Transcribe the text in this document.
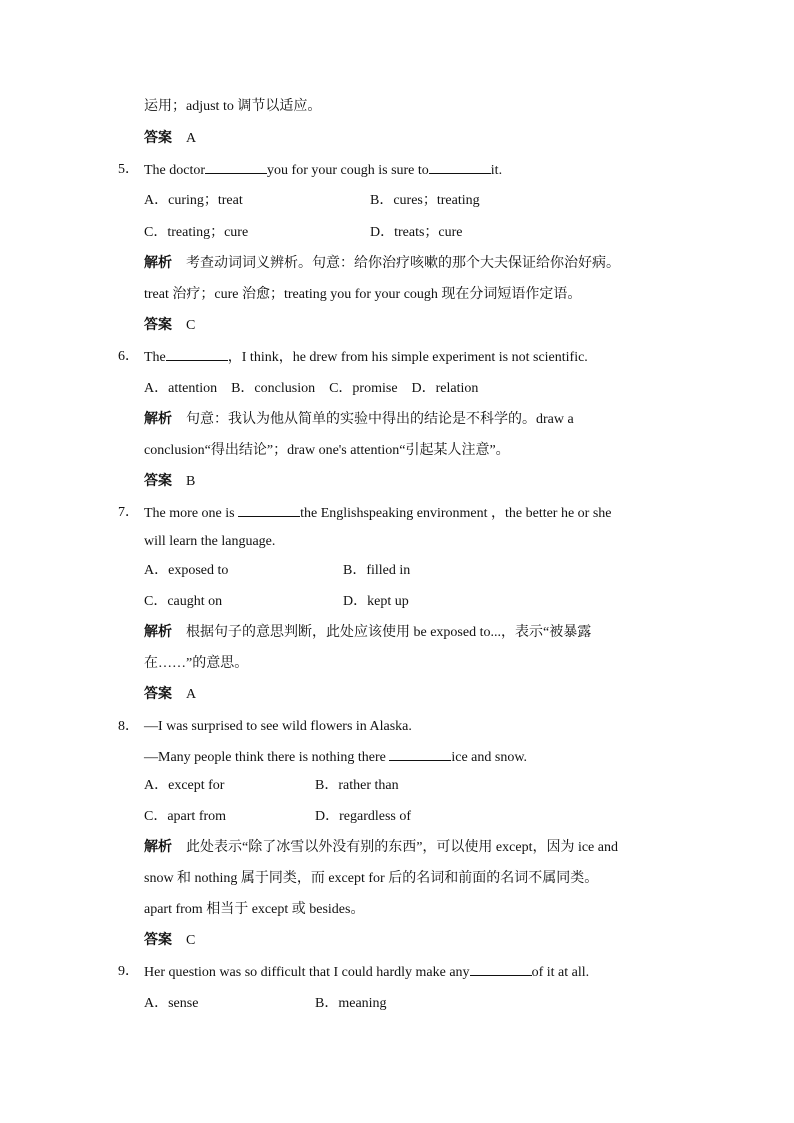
运用；adjust to 调节以适应。
答案 A
5． The doctor	you for your cough is sure to	it.
A．curing；treat	B．cures；treating
C．treating；cure	D．treats；cure
解析 考查动词词义辨析。句意：给你治疗咳嗽的那个大夫保证给你治好病。
treat 治疗；cure 治愈；treating you for your cough 现在分词短语作定语。
答案 C
6． The	，I think，he drew from his simple experiment is not scientific.
A．attention　B．conclusion　C．promise　D．relation
解析 句意：我认为他从简单的实验中得出的结论是不科学的。draw a
conclusion“得出结论”；draw one's attention“引起某人注意”。
答案 B
7． The more one is	the Englishspeaking environment ，the better he or she
will learn the language.
A．exposed to	B．filled in
C．caught on	D．kept up
解析 根据句子的意思判断，此处应该使用 be exposed to...，表示“被暴露
在……”的意思。
答案 A
8． —I was surprised to see wild flowers in Alaska.
—Many people think there is nothing there	ice and snow.
A．except for	B．rather than
C．apart from	D．regardless of
解析 此处表示“除了冰雪以外没有别的东西”，可以使用 except，因为 ice and
snow 和 nothing 属于同类，而 except for 后的名词和前面的名词不属同类。
apart from 相当于 except 或 besides。
答案 C
9． Her question was so difficult that I could hardly make any	of it at all.
A．sense	B．meaning
